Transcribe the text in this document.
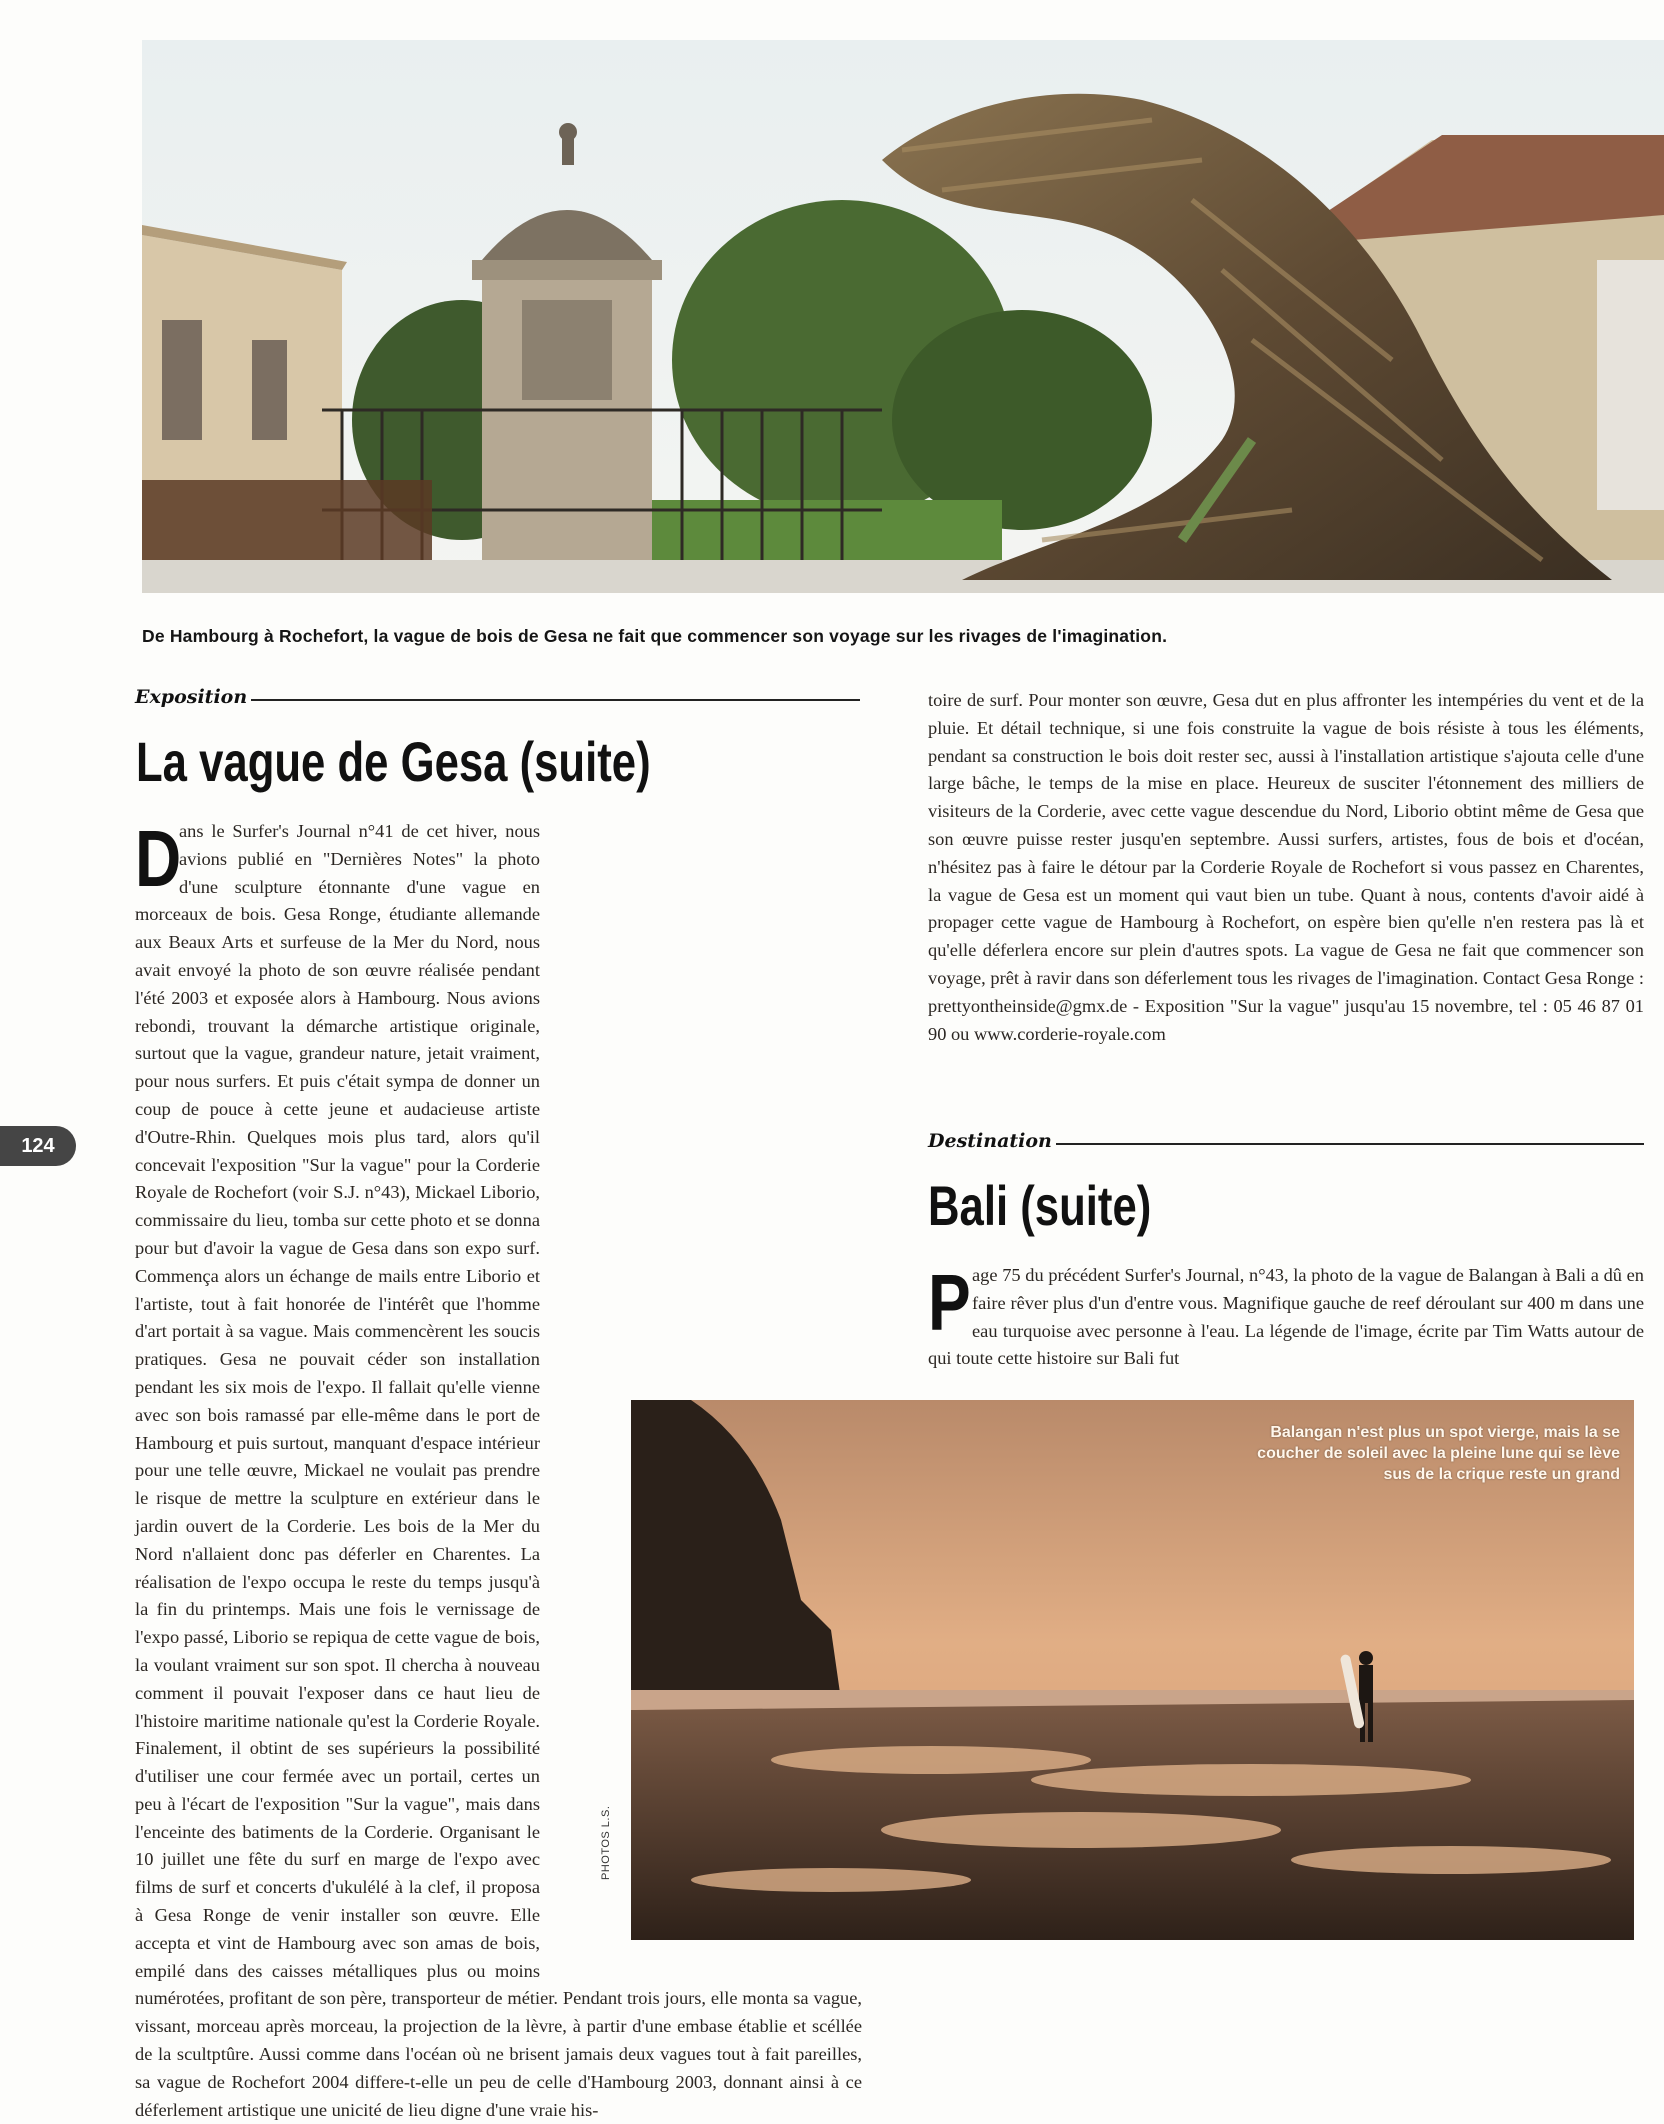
De Hambourg à Rochefort, la vague de bois de Gesa ne fait que commencer son voyage sur les rivages de l'imagination.
Exposition
La vague de Gesa (suite)

D
ans le Surfer's Journal n°41 de cet hiver, nous avions publié en "Dernières Notes" la photo d'une sculpture étonnante d'une vague en morceaux de bois. Gesa Ronge, étudiante allemande aux Beaux Arts et surfeuse de la Mer du Nord, nous avait envoyé la photo de son œuvre réalisée pendant l'été 2003 et exposée alors à Hambourg. Nous avions rebondi, trouvant la démarche artistique originale, surtout que la vague, grandeur nature, jetait vraiment, pour nous surfers. Et puis c'était sympa de donner un coup de pouce à cette jeune et audacieuse artiste d'Outre-Rhin. Quelques mois plus tard, alors qu'il concevait l'exposition "Sur la vague" pour la Corderie Royale de Rochefort (voir S.J. n°43), Mickael Liborio, commissaire du lieu, tomba sur cette photo et se donna pour but d'avoir la vague de Gesa dans son expo surf. Commença alors un échange de mails entre Liborio et l'artiste, tout à fait honorée de l'intérêt que l'homme d'art portait à sa vague. Mais commencèrent les soucis pratiques. Gesa ne pouvait céder son installation pendant les six mois de l'expo. Il fallait qu'elle vienne avec son bois ramassé par elle-même dans le port de Hambourg et puis surtout, manquant d'espace intérieur pour une telle œuvre, Mickael ne voulait pas prendre le risque de mettre la sculpture en extérieur dans le jardin ouvert de la Corderie. Les bois de la Mer du Nord n'allaient donc pas déferler en Charentes. La réalisation de l'expo occupa le reste du temps jusqu'à la fin du printemps. Mais une fois le vernissage de l'expo passé, Liborio se repiqua de cette vague de bois, la voulant vraiment sur son spot. Il chercha à nouveau comment il pouvait l'exposer dans ce haut lieu de l'histoire maritime nationale qu'est la Corderie Royale. Finalement, il obtint de ses supérieurs la possibilité d'utiliser une cour fermée avec un portail, certes un peu à l'écart de l'exposition "Sur la vague", mais dans l'enceinte des batiments de la Corderie. Organisant le 10 juillet une fête du surf en marge de l'expo avec films de surf et concerts d'ukulélé à la clef, il proposa à Gesa Ronge de venir installer son œuvre. Elle accepta et vint de Hambourg avec son amas de bois, empilé dans des caisses métalliques plus ou moins numérotées, profitant de son père, transporteur de métier. Pendant trois jours, elle monta sa vague, vissant, morceau après morceau, la projection de la lèvre, à partir d'une embase établie et scéllée de la scultptûre. Aussi comme dans l'océan où ne brisent jamais deux vagues tout à fait pareilles, sa vague de Rochefort 2004 differe-t-elle un peu de celle d'Hambourg 2003, donnant ainsi à ce déferlement artistique une unicité de lieu digne d'une vraie his-

toire de surf. Pour monter son œuvre, Gesa dut en plus affronter les intempéries du vent et de la pluie. Et détail technique, si une fois construite la vague de bois résiste à tous les éléments, pendant sa construction le bois doit rester sec, aussi à l'installation artistique s'ajouta celle d'une large bâche, le temps de la mise en place. Heureux de susciter l'étonnement des milliers de visiteurs de la Corderie, avec cette vague descendue du Nord, Liborio obtint même de Gesa que son œuvre puisse rester jusqu'en septembre. Aussi surfers, artistes, fous de bois et d'océan, n'hésitez pas à faire le détour par la Corderie Royale de Rochefort si vous passez en Charentes, la vague de Gesa est un moment qui vaut bien un tube. Quant à nous, contents d'avoir aidé à propager cette vague de Hambourg à Rochefort, on espère bien qu'elle n'en restera pas là et qu'elle déferlera encore sur plein d'autres spots. La vague de Gesa ne fait que commencer son voyage, prêt à ravir dans son déferlement tous les rivages de l'imagination. Contact Gesa Ronge : prettyontheinside@gmx.de - Exposition "Sur la vague" jusqu'au 15 novembre, tel : 05 46 87 01 90 ou www.corderie-royale.com

Destination
Bali (suite)

Page 75 du précédent Surfer's Journal, n°43, la photo de la vague de Balangan à Bali a dû en faire rêver plus d'un d'entre vous. Magnifique gauche de reef déroulant sur 400 m dans une eau turquoise avec personne à l'eau. La légende de l'image, écrite par Tim Watts autour de qui toute cette histoire sur Bali fut

124
Balangan n'est plus un spot vierge, mais la se
coucher de soleil avec la pleine lune qui se lève
sus de la crique reste un grand
PHOTOS L.S.
